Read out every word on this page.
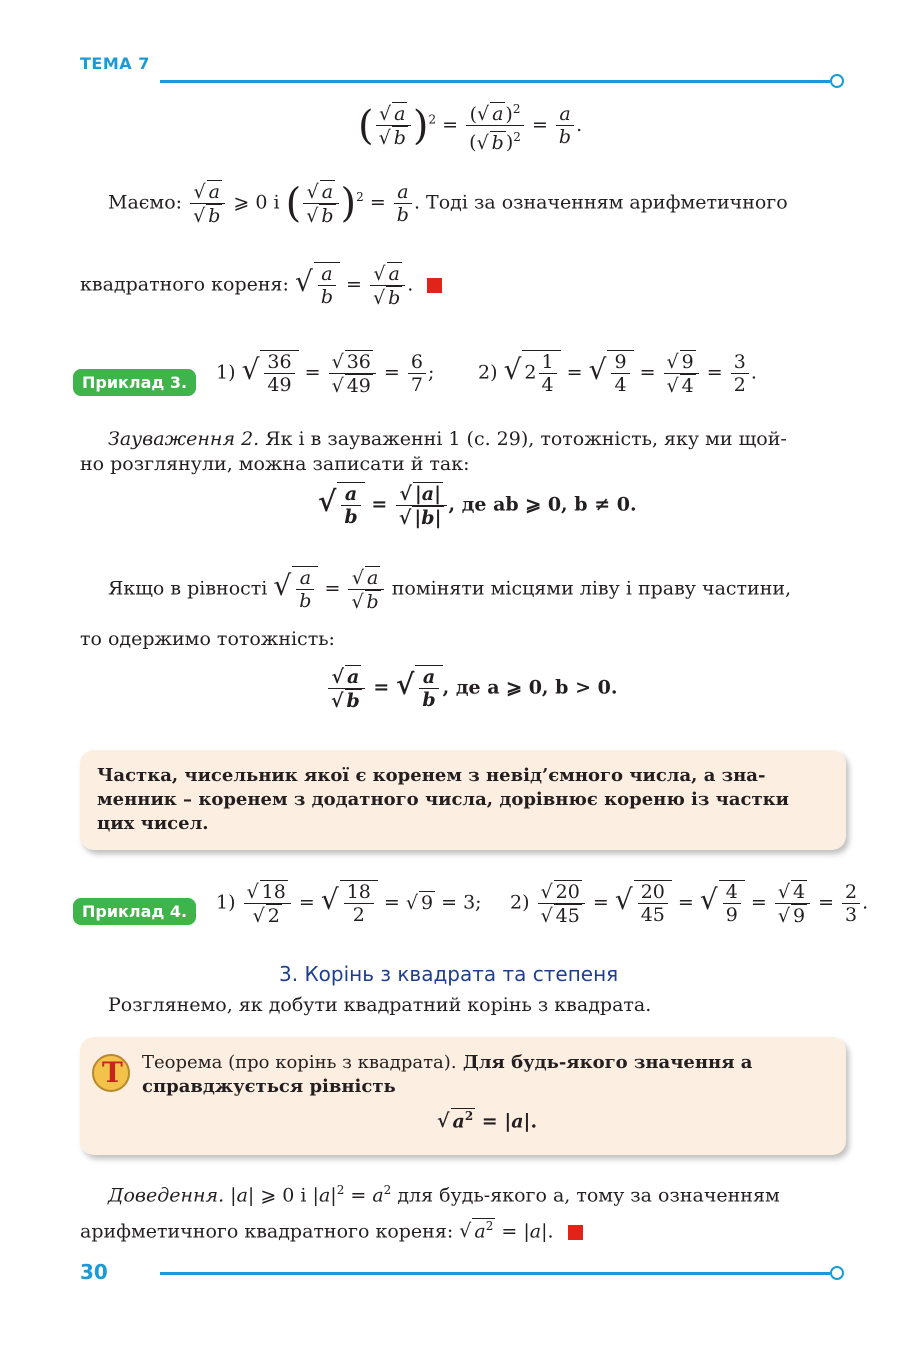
ТЕМА 7
( √ a
√ b )$^2 = \frac{( √ a )^2}{( √ b )^2} = \frac{a}{b}$ .
Маємо: √ a
√ b ⩾ 0 і ( √ a
√ b )$^2 = \frac{a}{b}$ . Тоді за означенням арифметичного
квадратного кореня: √ $\frac{a}{b}$ = √ a
√ b .
Приклад 3.	1) √ $\frac{36}{49}$ = √ 36
√ $49 = \frac{6}{7}$ ; 2) √ $2 \frac{1}{4}$ = √ $\frac{9}{4}$ = √ 9
√ $4 = \frac{3}{2}$ .
Зауваження 2. Як і в зауваженні 1 (с. 29), тотожність, яку ми щой-
но розглянули, можна записати й так:
√
$\frac{a}{b}$ = √ |a|
√ |b| , де ab ⩾ 0, b ≠ 0.
Якщо в рівності √ $\frac{a}{b}$ = √ a
√ b поміняти місцями ліву і праву частини,
то одержимо тотожність:
√ a
√ b = √ $\frac{a}{b}$ , де a ⩾ 0, b > 0.
Частка, чисельник якої є коренем з невід’ємного числа, а зна-
менник – коренем з додатного числа, дорівнює кореню із частки
цих чисел.
Приклад 4.	1) √ 18
√ 2 = √ $\frac{18}{2}$ = √ 9 = 3; 2) √ 20
√ 45 = √ $\frac{20}{45}$ = √ $\frac{4}{9}$ = √ 4
√ $9 = \frac{2}{3}$ .
3. Корінь з квадрата та степеня
Розглянемо, як добути квадратний корінь з квадрата.
Т Теорема (про корінь з квадрата). Для будь-якого значення a
справджується рівність
√ $a^2 = |a|$.
Доведення. |a| ⩾ 0 і $|a|^2 = a^2$ для будь-якого a, тому за означенням
арифметичного квадратного кореня: √ $a^2 = |a|$.
30
